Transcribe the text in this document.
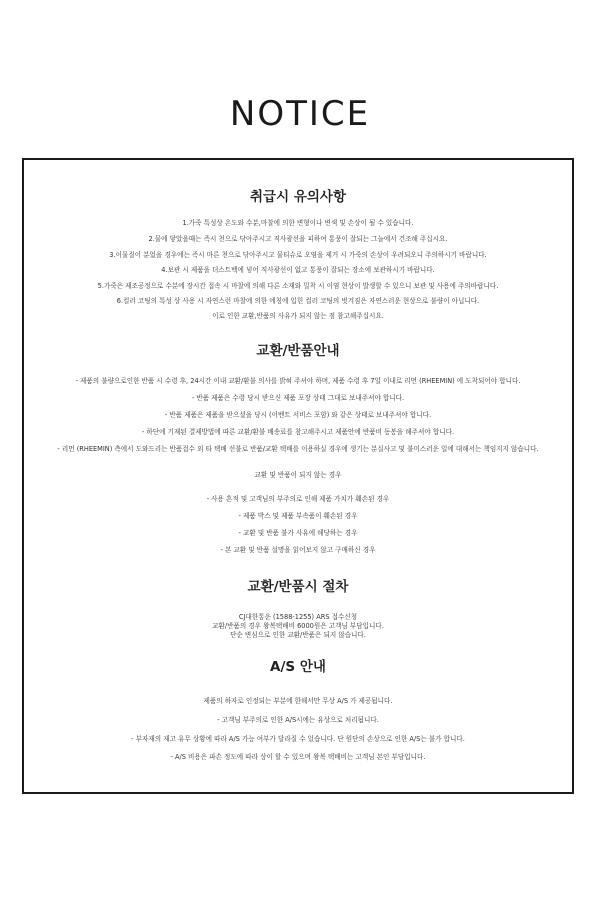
NOTICE
취급시 유의사항
1.가죽 특성상 온도와 수분,마찰에 의한 변형이나 변색 및 손상이 될 수 있습니다.
2.물에 닿았을때는 즉시 천으로 닦아주시고 직사광선을 피하여 통풍이 잘되는 그늘에서 건조해 주십시요.
3.이물질이 분었을 경우에는 즉시 마른 천으로 닦아주시고 물티슈로 오염을 제거 시 가죽의 손상이 우려되오니 주의하시기 바랍니다.
4.보관 시 제품을 더스트백에 넣어 직사광선이 없고 통풍이 잘되는 장소에 보관하시기 바랍니다.
5.가죽은 제조공정으로 수분에 장시간 접속 시 마찰에 의해 다른 소재와 밀착 시 이염 현상이 발생할 수 있으니 보관 및 사용에 주의바랍니다.
6.컬러 코팅의 특성 상 사용 시 자연스런 마찰에 의한 에칭에 입힌 컬러 코팅의 벗겨짐은 자연스러운 현상으로 불량이 아닙니다.
이로 인한 교환,반품의 사유가 되지 않는 점 참고해주십시요.
교환/반품안내
- 제품의 불량으로인한 반품 시 수령 후, 24시간 이내 교환/환불 의사를 밝혀 주셔야 하며, 제품 수령 후 7일 이내로 리먼 (RHEEMIN) 에 도착되어야 합니다.
- 반품 제품은 수령 당시 받으신 제품 포장 상태 그대로 보내주셔야 합니다.
- 반품 제품은 제품을 받으셨을 당시 (이벤트 서비스 포함) 와 같은 상태로 보내주셔야 합니다.
- 하단에 기재된 결제방법에 따른 교환/환불 배송료를 참고해주시고 제품안에 반품비 동봉을 해주셔야 합니다.
- 리먼 (RHEEMIN) 측에서 도와드리는 반품접수 외 타 택배 선불로 반품/교환 택배를 이용하실 경우에 생기는 분실사고 및 불미스러운 일에 대해서는 책임지지 않습니다.
교환 및 반품이 되지 않는 경우
- 사용 흔적 및 고객님의 부주의로 인해 제품 가치가 훼손된 경우
- 제품 박스 및 제품 부속품이 훼손된 경우
- 교환 및 반품 불가 사유에 해당하는 경우
- 본 교환 및 반품 설명을 읽어보지 않고 구매하신 경우
교환/반품시 절차
CJ대한통운 (1588-1255) ARS 접수신청
교환/반품의 경우 왕복택배비 6000원은 고객님 부담입니다.
단순 변심으로 인한 교환/반품은 되지 않습니다.
A/S 안내
제품의 하자로 인정되는 부분에 한해서만 무상 A/S 가 제공됩니다.
- 고객님 부주의로 인한 A/S시에는 유상으로 처리됩니다.
- 부자재의 재고 유무 상황에 따라 A/S 가능 여부가 달라질 수 있습니다. 단 원단의 손상으로 인한 A/S는 불가 합니다.
- A/S 비용은 파손 정도에 따라 상이 할 수 있으며 왕복 택배비는 고객님 본인 부담입니다.
